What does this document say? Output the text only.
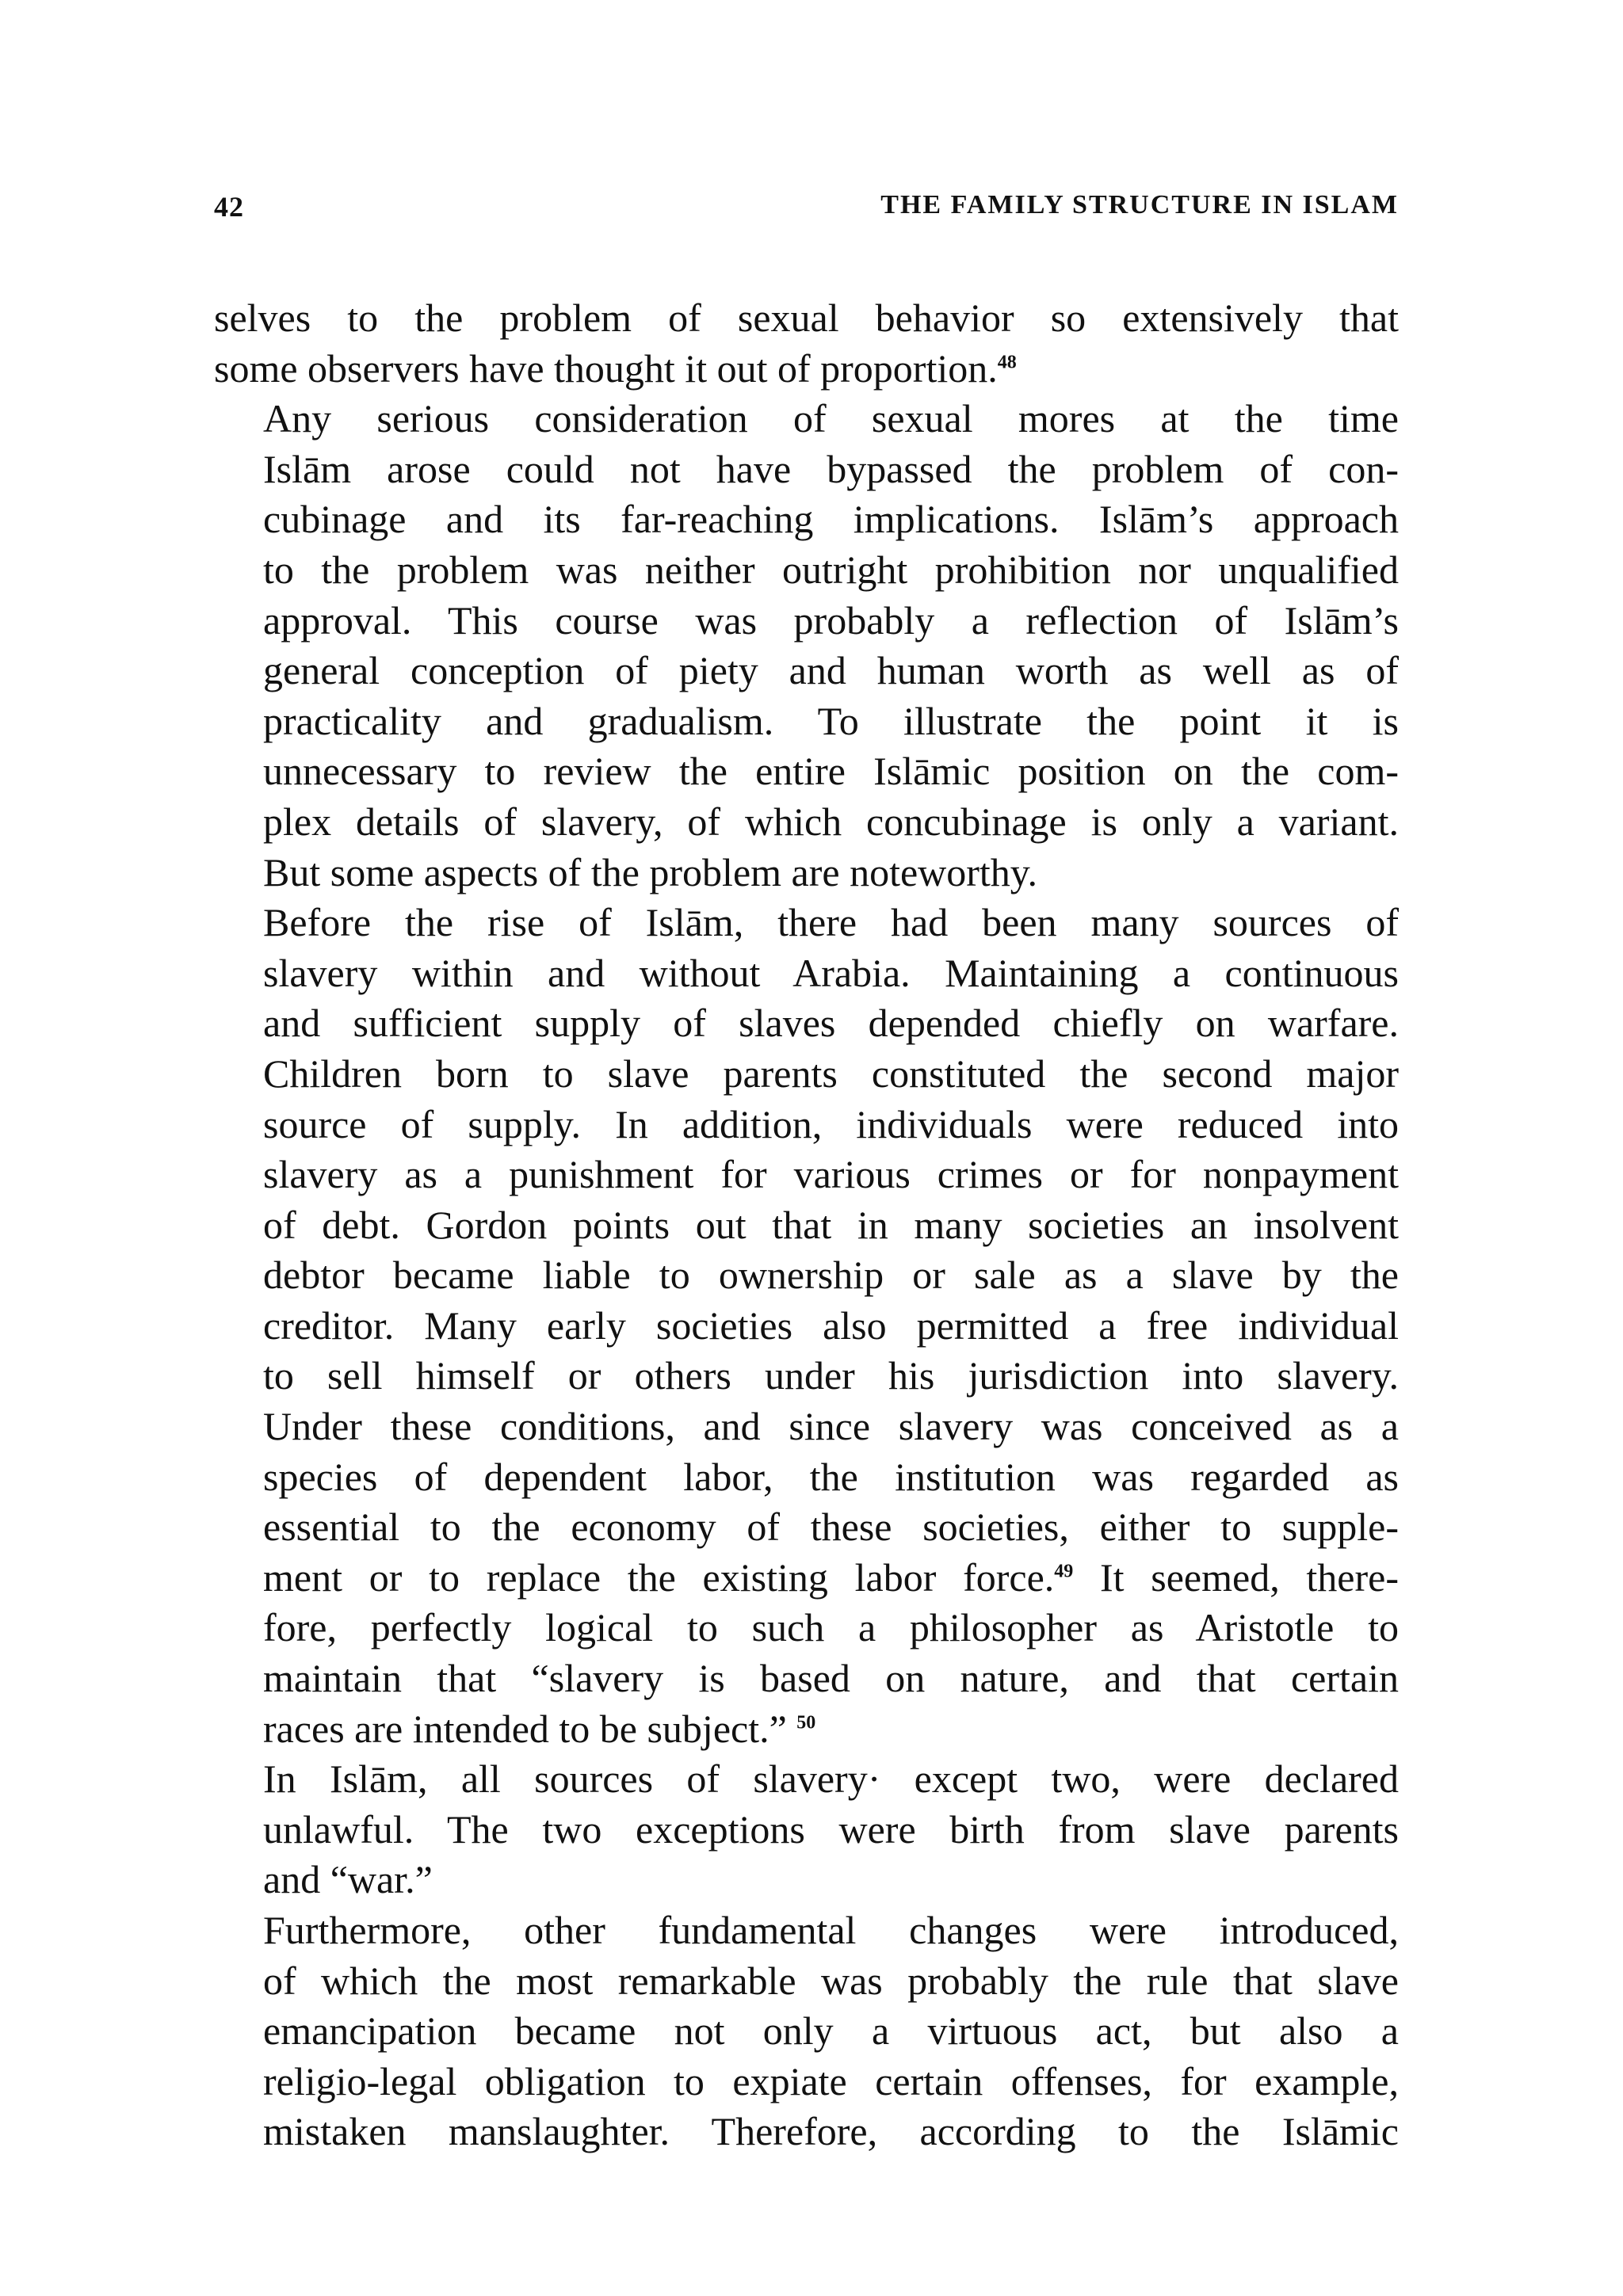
42	THE FAMILY STRUCTURE IN ISLAM

selves to the problem of sexual behavior so extensively that
some observers have thought it out of proportion.$^{48}$

Any serious consideration of sexual mores at the time
Islām arose could not have bypassed the problem of con-
cubinage and its far-reaching implications. Islām’s approach
to the problem was neither outright prohibition nor unqualified
approval. This course was probably a reflection of Islām’s
general conception of piety and human worth as well as of
practicality and gradualism. To illustrate the point it is
unnecessary to review the entire Islāmic position on the com-
plex details of slavery, of which concubinage is only a variant.
But some aspects of the problem are noteworthy.

Before the rise of Islām, there had been many sources of
slavery within and without Arabia. Maintaining a continuous
and sufficient supply of slaves depended chiefly on warfare.
Children born to slave parents constituted the second major
source of supply. In addition, individuals were reduced into
slavery as a punishment for various crimes or for nonpayment
of debt. Gordon points out that in many societies an insolvent
debtor became liable to ownership or sale as a slave by the
creditor. Many early societies also permitted a free individual
to sell himself or others under his jurisdiction into slavery.
Under these conditions, and since slavery was conceived as a
species of dependent labor, the institution was regarded as
essential to the economy of these societies, either to supple-
ment or to replace the existing labor force.$^{49}$ It seemed, there-
fore, perfectly logical to such a philosopher as Aristotle to
maintain that “slavery is based on nature, and that certain
races are intended to be subject.” $^{50}$

In Islām, all sources of slavery· except two, were declared
unlawful. The two exceptions were birth from slave parents
and “war.”

Furthermore, other fundamental changes were introduced,
of which the most remarkable was probably the rule that slave
emancipation became not only a virtuous act, but also a
religio-legal obligation to expiate certain offenses, for example,
mistaken manslaughter. Therefore, according to the Islāmic
